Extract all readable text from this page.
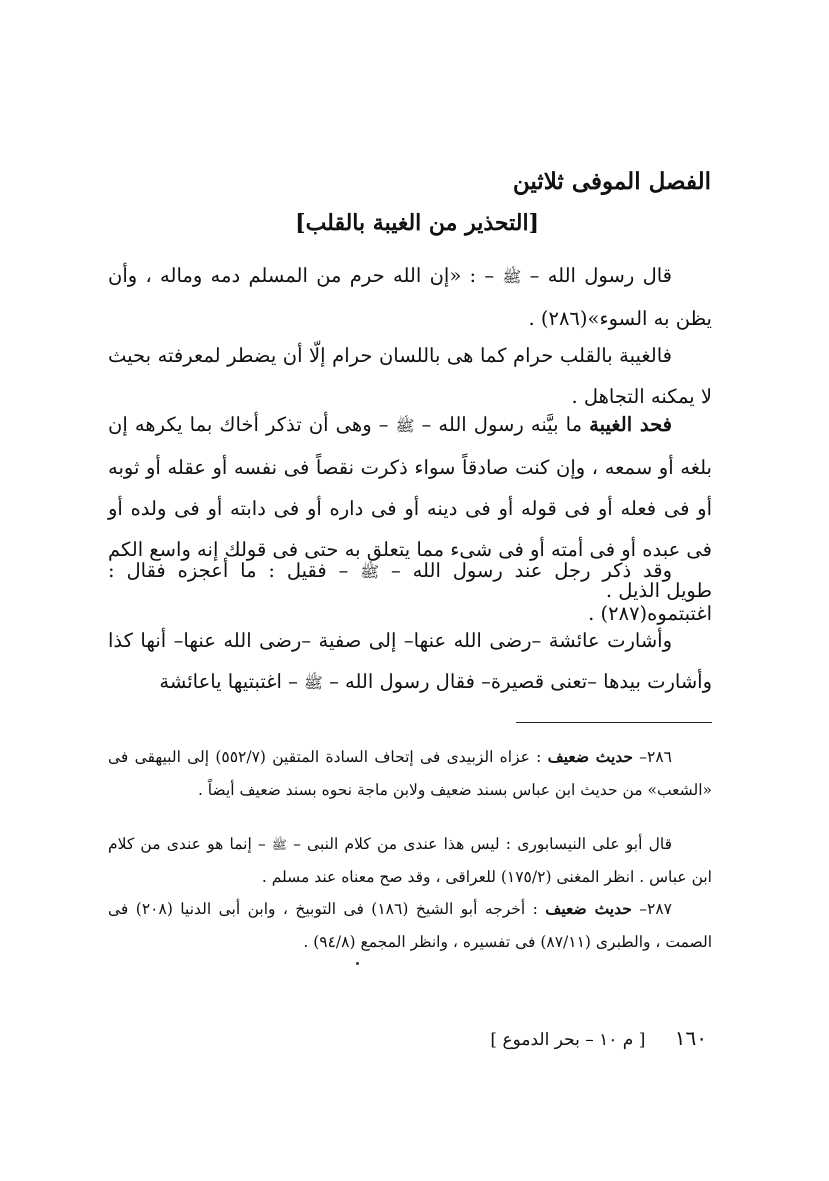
الفصل الموفى ثلاثين
[التحذير من الغيبة بالقلب]
قال رسول الله – ﷺ – : «إن الله حرم من المسلم دمه وماله ، وأن يظن به السوء»(٢٨٦) .
فالغيبة بالقلب حرام كما هى باللسان حرام إلّا أن يضطر لمعرفته بحيث لا يمكنه التجاهل .
فحد الغيبة ما بيَّنه رسول الله – ﷺ – وهى أن تذكر أخاك بما يكرهه إن بلغه أو سمعه ، وإن كنت صادقاً سواء ذكرت نقصاً فى نفسه أو عقله أو ثوبه أو فى فعله أو فى قوله أو فى دينه أو فى داره أو فى دابته أو فى ولده أو فى عبده أو فى أمته أو فى شىء مما يتعلق به حتى فى قولك إنه واسع الكم طويل الذيل .
وقد ذكر رجل عند رسول الله – ﷺ – فقيل : ما أعجزه فقال : اغتبتموه(٢٨٧) .
وأشارت عائشة –رضى الله عنها– إلى صفية –رضى الله عنها– أنها كذا وأشارت بيدها –تعنى قصيرة– فقال رسول الله – ﷺ – اغتبتيها ياعائشة
٢٨٦– حديث ضعيف : عزاه الزبيدى فى إتحاف السادة المتقين (٥٥٢/٧) إلى البيهقى فى «الشعب» من حديث ابن عباس بسند ضعيف ولابن ماجة نحوه بسند ضعيف أيضاً .
قال أبو على النيسابورى : ليس هذا عندى من كلام النبى – ﷺ – إنما هو عندى من كلام ابن عباس . انظر المغنى (١٧٥/٢) للعراقى ، وقد صح معناه عند مسلم .
٢٨٧– حديث ضعيف : أخرجه أبو الشيخ (١٨٦) فى التوبيخ ، وابن أبى الدنيا (٢٠٨) فى الصمت ، والطبرى (٨٧/١١) فى تفسيره ، وانظر المجمع (٩٤/٨) .
١٦٠ [ م ١٠ – بحر الدموع ]
